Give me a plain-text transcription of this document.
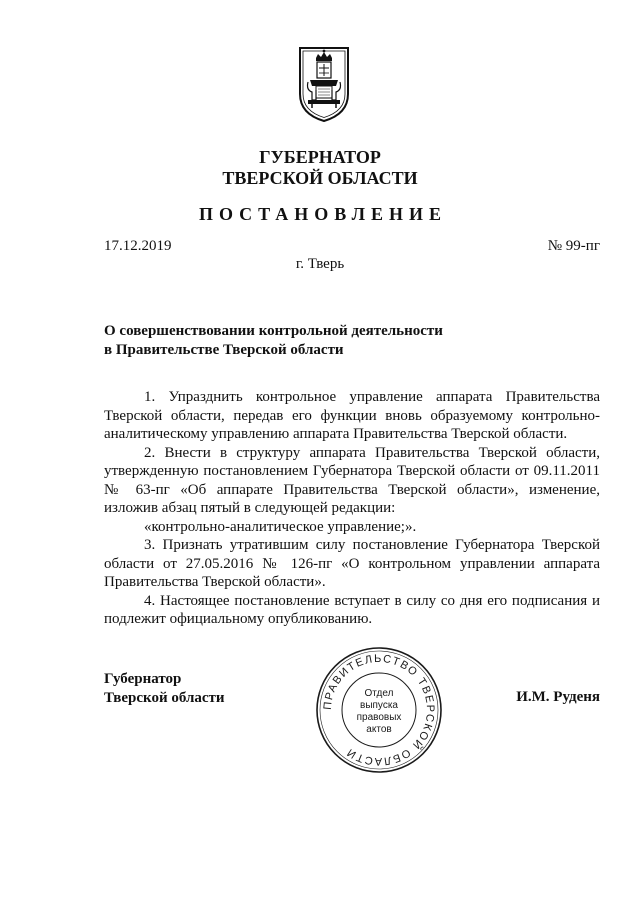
ГУБЕРНАТОР
ТВЕРСКОЙ ОБЛАСТИ
ПОСТАНОВЛЕНИЕ
17.12.2019	№ 99-пг
г. Тверь
О совершенствовании контрольной деятельности
в Правительстве Тверской области

1. Упразднить контрольное управление аппарата Правительства Тверской области, передав его функции вновь образуемому контрольно-аналитическому управлению аппарата Правительства Тверской области.

2. Внести в структуру аппарата Правительства Тверской области, утвержденную постановлением Губернатора Тверской области от 09.11.2011 № 63-пг «Об аппарате Правительства Тверской области», изменение, изложив абзац пятый в следующей редакции:

«контрольно-аналитическое управление;».

3. Признать утратившим силу постановление Губернатора Тверской области от 27.05.2016 № 126-пг «О контрольном управлении аппарата Правительства Тверской области».

4. Настоящее постановление вступает в силу со дня его подписания и подлежит официальному опубликованию.

Губернатор
Тверской области	ПРАВИТЕЛЬСТВО ТВЕРСКОЙ ОБЛАСТИ
Отдел
выпуска
правовых
актов
И.М. Руденя
